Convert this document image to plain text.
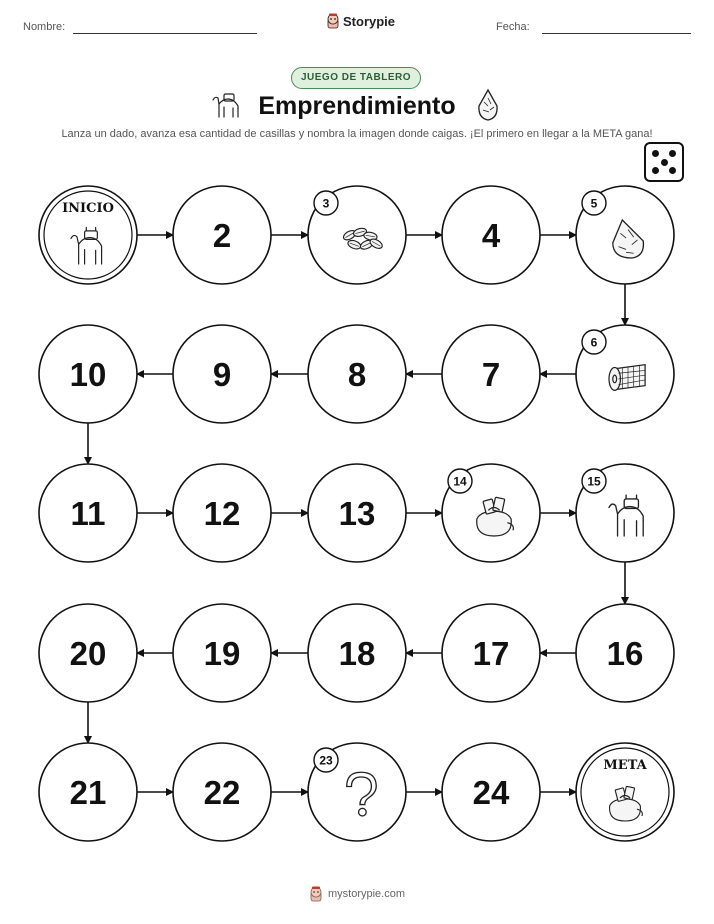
Nombre:	Storypie	Fecha:
JUEGO DE TABLERO
Emprendimiento
Lanza un dado, avanza esa cantidad de casillas y nombra la imagen donde caigas. ¡El primero en llegar a la META gana!
INICIO
2
3
4
5
6
7
8
9
10
11	12	13
14	15
16
17
18
19
20
21	22
23
24
META
mystorypie.com
